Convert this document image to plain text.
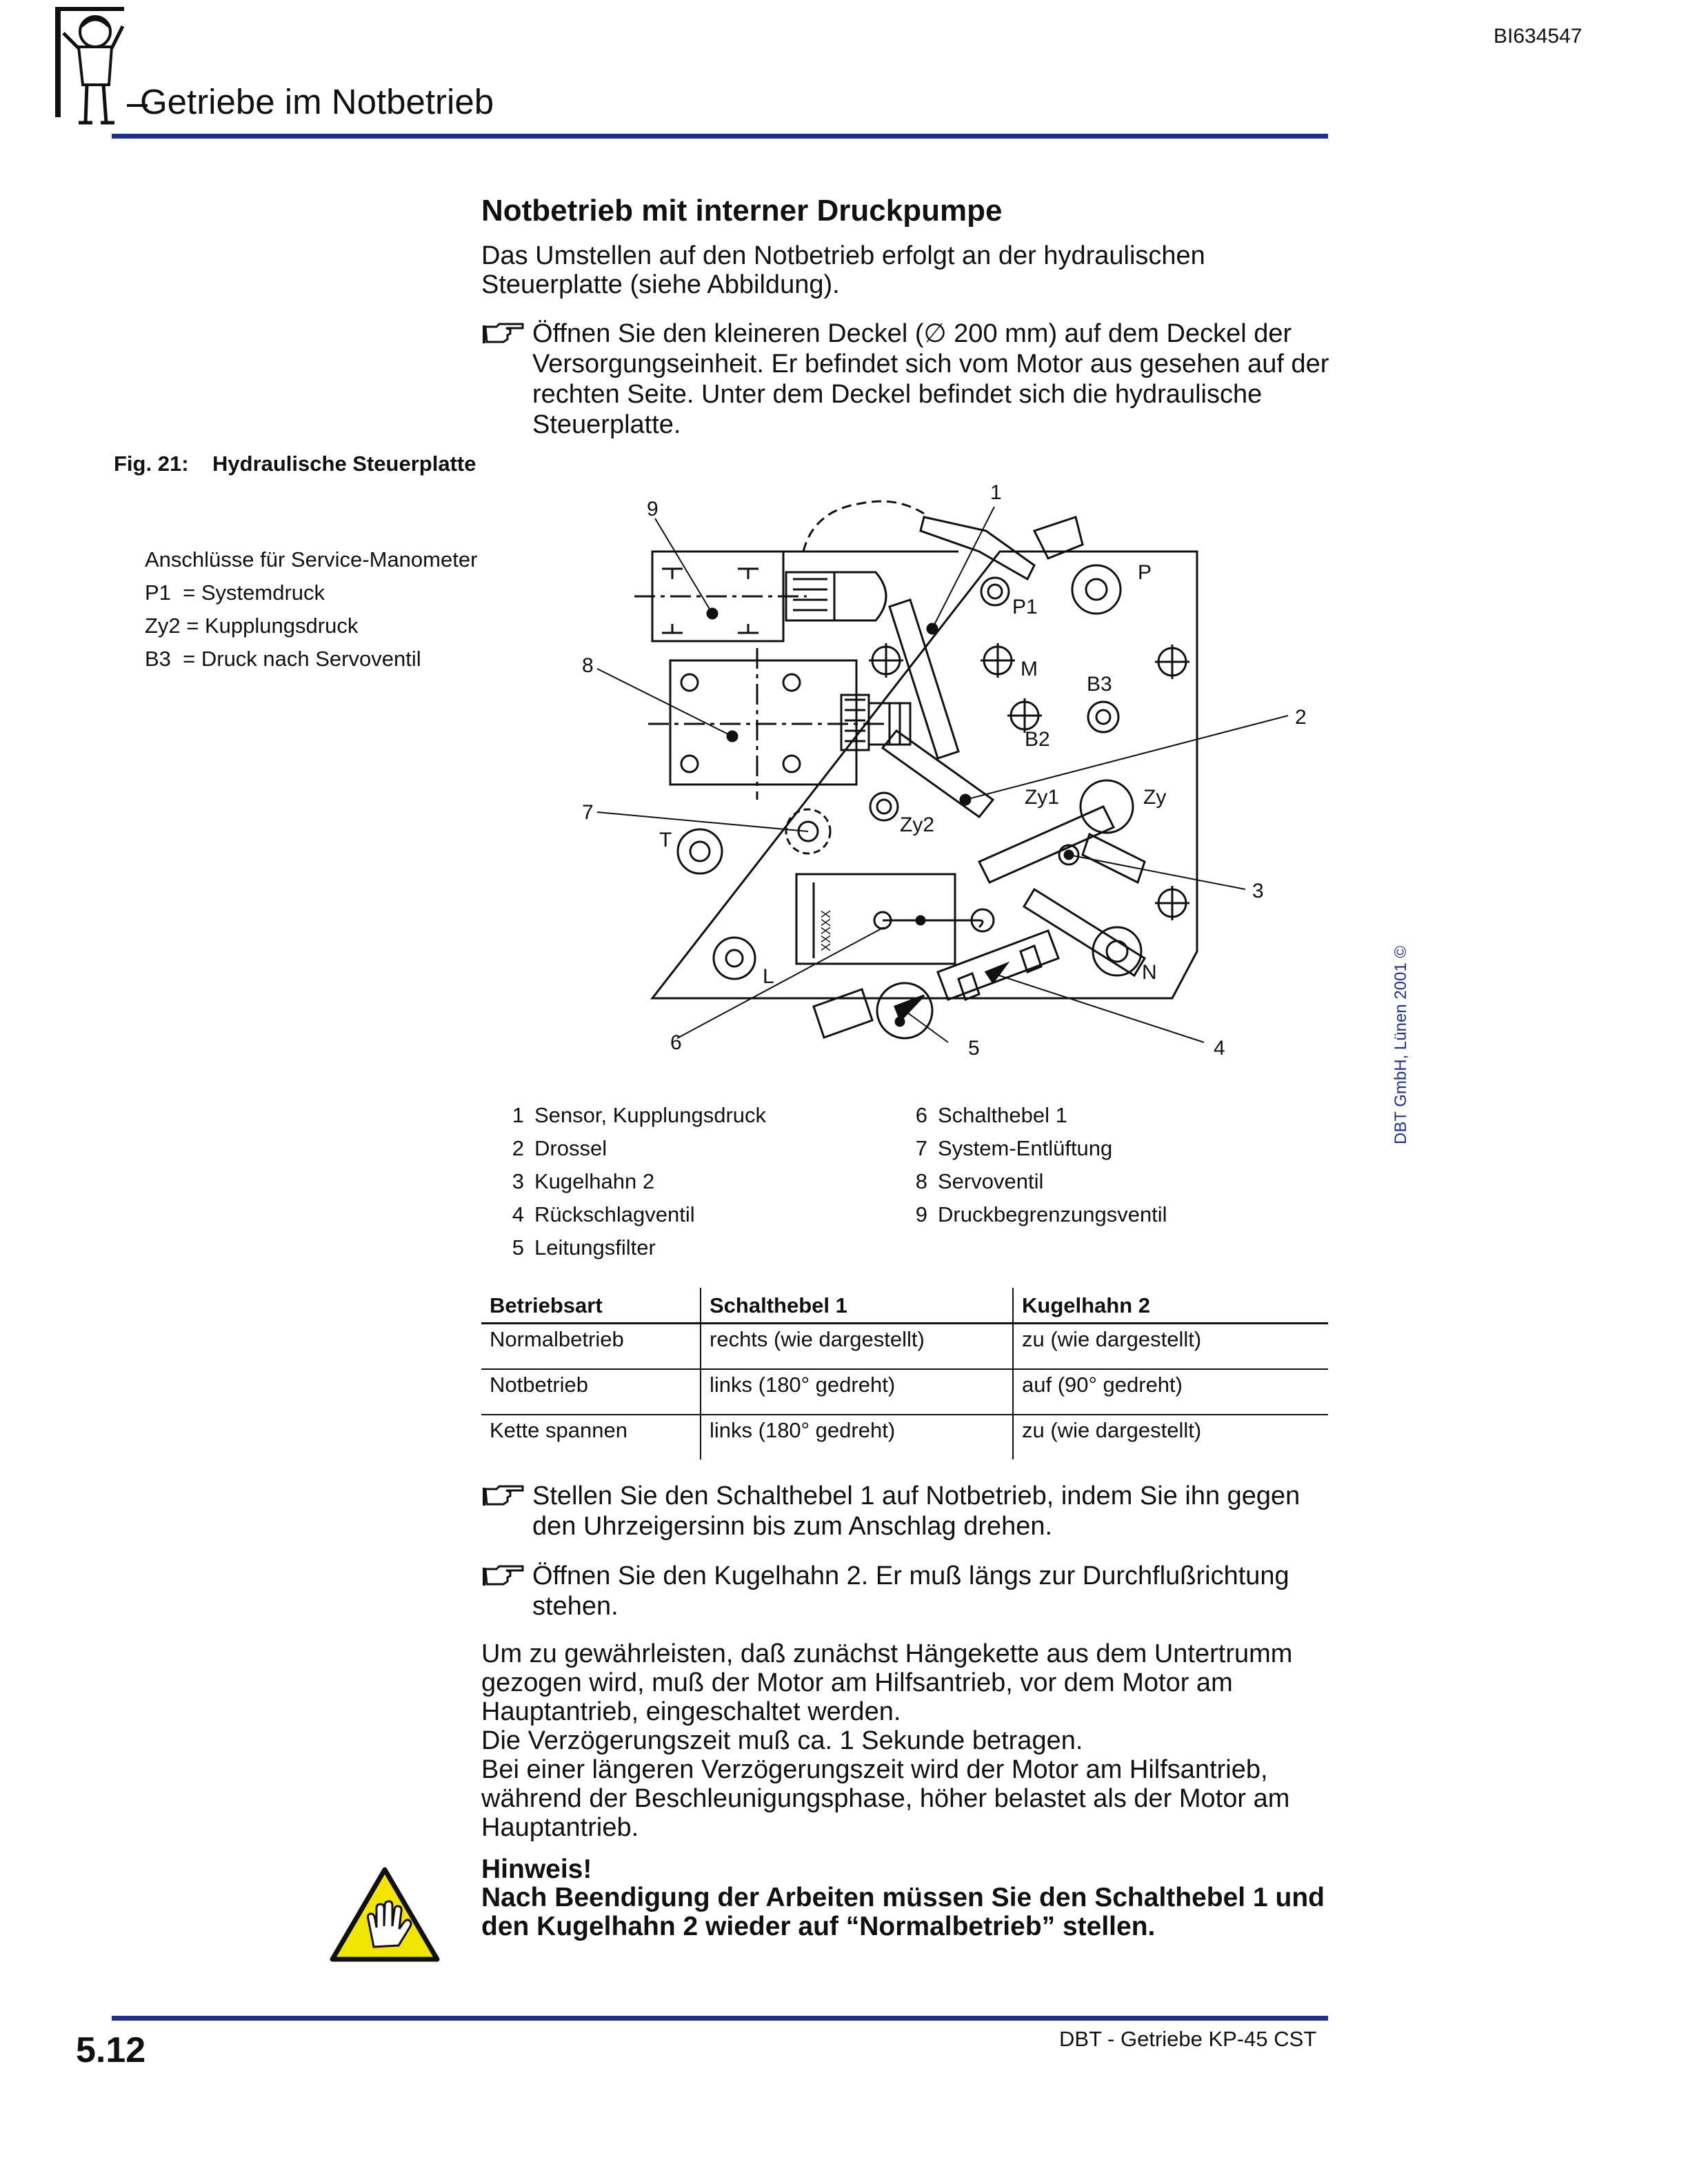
Getriebe im Notbetrieb
BI634547
Notbetrieb mit interner Druckpumpe
Das Umstellen auf den Notbetrieb erfolgt an der hydraulischen Steuerplatte (siehe Abbildung).
Öffnen Sie den kleineren Deckel (∅ 200 mm) auf dem Deckel der Versorgungseinheit. Er befindet sich vom Motor aus gesehen auf der rechten Seite. Unter dem Deckel befindet sich die hydraulische Steuerplatte.
Fig. 21: Hydraulische Steuerplatte
Anschlüsse für Service-Manometer
P1  = Systemdruck
Zy2 = Kupplungsdruck
B3  = Druck nach Servoventil
1
2
3
4
5
6
7
8
9
P
P1
M
B3
B2
Zy1	Zy
Zy2
T
L	N
XXXXX
1 Sensor, Kupplungsdruck
2 Drossel
3 Kugelhahn 2
4 Rückschlagventil
5 Leitungsfilter
6 Schalthebel 1
7 System-Entlüftung
8 Servoventil
9 Druckbegrenzungsventil
Betriebsart	Schalthebel 1	Kugelhahn 2
Normalbetrieb	rechts (wie dargestellt)	zu (wie dargestellt)
Notbetrieb	links (180° gedreht)	auf (90° gedreht)
Kette spannen	links (180° gedreht)	zu (wie dargestellt)
Stellen Sie den Schalthebel 1 auf Notbetrieb, indem Sie ihn gegen den Uhrzeigersinn bis zum Anschlag drehen.
Öffnen Sie den Kugelhahn 2. Er muß längs zur Durchflußrichtung stehen.
Um zu gewährleisten, daß zunächst Hängekette aus dem Untertrumm gezogen wird, muß der Motor am Hilfsantrieb, vor dem Motor am Hauptantrieb, eingeschaltet werden.
Die Verzögerungszeit muß ca. 1 Sekunde betragen.
Bei einer längeren Verzögerungszeit wird der Motor am Hilfsantrieb, während der Beschleunigungsphase, höher belastet als der Motor am Hauptantrieb.
Hinweis!
Nach Beendigung der Arbeiten müssen Sie den Schalthebel 1 und den Kugelhahn 2 wieder auf “Normalbetrieb” stellen.
DBT GmbH, Lünen 2001 ©
5.12	DBT - Getriebe KP-45 CST
